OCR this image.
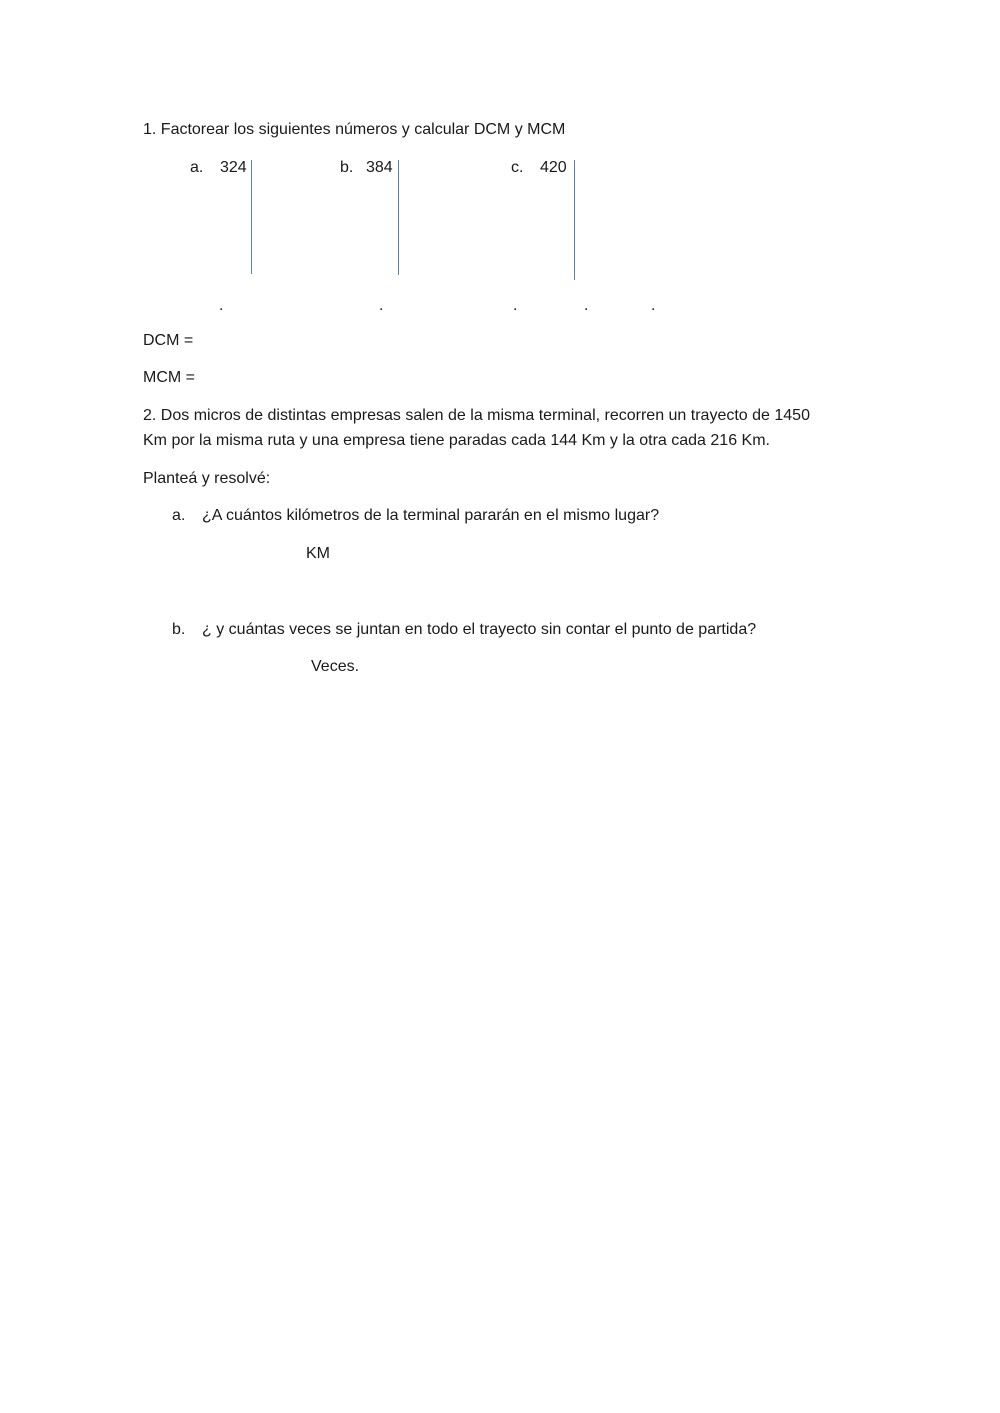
1. Factorear los siguientes números y calcular DCM y MCM
a. 324	b. 384	c. 420
.	.	.	.	.
DCM =
MCM =
2. Dos micros de distintas empresas salen de la misma terminal, recorren un trayecto de 1450
Km por la misma ruta y una empresa tiene paradas cada 144 Km y la otra cada 216 Km.
Planteá y resolvé:
a. ¿A cuántos kilómetros de la terminal pararán en el mismo lugar?
KM
b. ¿ y cuántas veces se juntan en todo el trayecto sin contar el punto de partida?
Veces.
